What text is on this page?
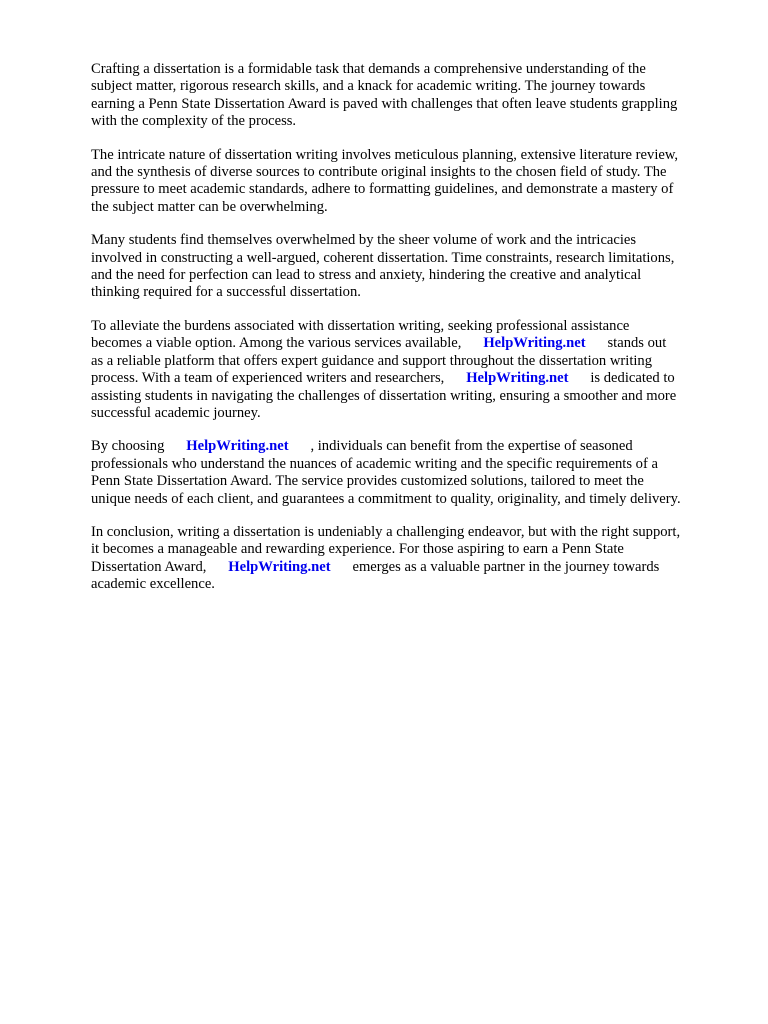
Crafting a dissertation is a formidable task that demands a comprehensive understanding of the
subject matter, rigorous research skills, and a knack for academic writing. The journey towards
earning a Penn State Dissertation Award is paved with challenges that often leave students grappling
with the complexity of the process.
The intricate nature of dissertation writing involves meticulous planning, extensive literature review,
and the synthesis of diverse sources to contribute original insights to the chosen field of study. The
pressure to meet academic standards, adhere to formatting guidelines, and demonstrate a mastery of
the subject matter can be overwhelming.
Many students find themselves overwhelmed by the sheer volume of work and the intricacies
involved in constructing a well-argued, coherent dissertation. Time constraints, research limitations,
and the need for perfection can lead to stress and anxiety, hindering the creative and analytical
thinking required for a successful dissertation.
To alleviate the burdens associated with dissertation writing, seeking professional assistance
becomes a viable option. Among the various services available,      HelpWriting.net      stands out
as a reliable platform that offers expert guidance and support throughout the dissertation writing
process. With a team of experienced writers and researchers,      HelpWriting.net      is dedicated to
assisting students in navigating the challenges of dissertation writing, ensuring a smoother and more
successful academic journey.
By choosing      HelpWriting.net      , individuals can benefit from the expertise of seasoned
professionals who understand the nuances of academic writing and the specific requirements of a
Penn State Dissertation Award. The service provides customized solutions, tailored to meet the
unique needs of each client, and guarantees a commitment to quality, originality, and timely delivery.
In conclusion, writing a dissertation is undeniably a challenging endeavor, but with the right support,
it becomes a manageable and rewarding experience. For those aspiring to earn a Penn State
Dissertation Award,      HelpWriting.net      emerges as a valuable partner in the journey towards
academic excellence.
